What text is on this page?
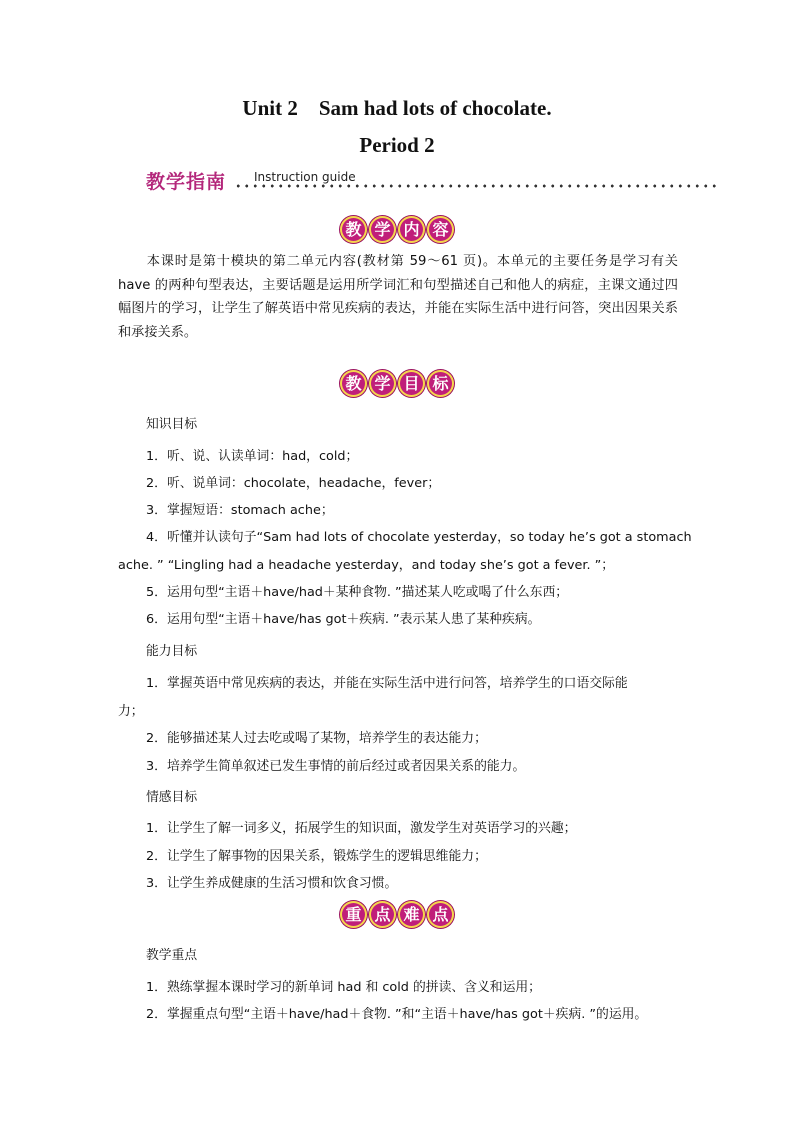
Unit 2    Sam had lots of chocolate.
Period 2
教学指南 Instruction guide
教 学 内 容
本课时是第十模块的第二单元内容(教材第 59～61 页)。本单元的主要任务是学习有关 have 的两种句型表达，主要话题是运用所学词汇和句型描述自己和他人的病症，主课文通过四幅图片的学习，让学生了解英语中常见疾病的表达，并能在实际生活中进行问答，突出因果关系和承接关系。
教 学 目 标
知识目标
1．听、说、认读单词：had，cold；
2．听、说单词：chocolate，headache，fever；
3．掌握短语：stomach ache；
4．听懂并认读句子“Sam had lots of chocolate yesterday，so today he’s got a stomach
ache. ” “Lingling had a headache yesterday，and today she’s got a fever. ”；
5．运用句型“主语＋have/had＋某种食物. ”描述某人吃或喝了什么东西；
6．运用句型“主语＋have/has got＋疾病. ”表示某人患了某种疾病。
能力目标
1．掌握英语中常见疾病的表达，并能在实际生活中进行问答，培养学生的口语交际能
力；
2．能够描述某人过去吃或喝了某物，培养学生的表达能力；
3．培养学生简单叙述已发生事情的前后经过或者因果关系的能力。
情感目标
1．让学生了解一词多义，拓展学生的知识面，激发学生对英语学习的兴趣；
2．让学生了解事物的因果关系，锻炼学生的逻辑思维能力；
3．让学生养成健康的生活习惯和饮食习惯。
重 点 难 点
教学重点
1．熟练掌握本课时学习的新单词 had 和 cold 的拼读、含义和运用；
2．掌握重点句型“主语＋have/had＋食物. ”和“主语＋have/has got＋疾病. ”的运用。
